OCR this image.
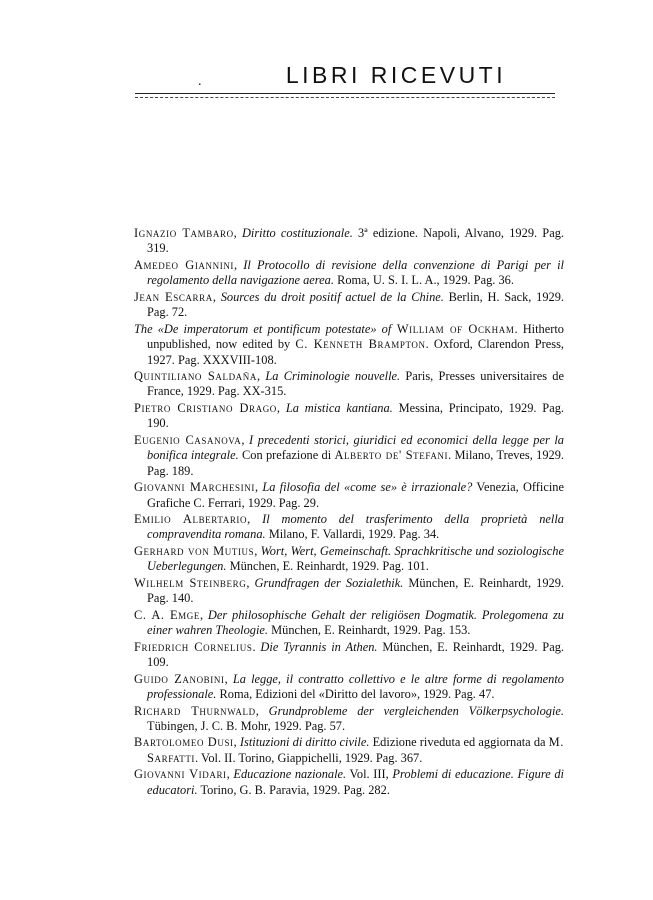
.	LIBRI RICEVUTI

Ignazio Tambaro, Diritto costituzionale. 3ª edizione. Napoli, Alvano, 1929. Pag. 319.

Amedeo Giannini, Il Protocollo di revisione della convenzione di Parigi per il regolamento della navigazione aerea. Roma, U. S. I. L. A., 1929. Pag. 36.

Jean Escarra, Sources du droit positif actuel de la Chine. Berlin, H. Sack, 1929. Pag. 72.

The «De imperatorum et pontificum potestate» of William of Ockham. Hitherto unpublished, now edited by C. Kenneth Brampton. Oxford, Clarendon Press, 1927. Pag. XXXVIII-108.

Quintiliano Saldaña, La Criminologie nouvelle. Paris, Presses universitaires de France, 1929. Pag. XX-315.

Pietro Cristiano Drago, La mistica kantiana. Messina, Principato, 1929. Pag. 190.

Eugenio Casanova, I precedenti storici, giuridici ed economici della legge per la bonifica integrale. Con prefazione di Alberto de' Stefani. Milano, Treves, 1929. Pag. 189.

Giovanni Marchesini, La filosofia del «come se» è irrazionale? Venezia, Officine Grafiche C. Ferrari, 1929. Pag. 29.

Emilio Albertario, Il momento del trasferimento della proprietà nella compravendita romana. Milano, F. Vallardi, 1929. Pag. 34.

Gerhard von Mutius, Wort, Wert, Gemeinschaft. Sprachkritische und soziologische Ueberlegungen. München, E. Reinhardt, 1929. Pag. 101.

Wilhelm Steinberg, Grundfragen der Sozialethik. München, E. Reinhardt, 1929. Pag. 140.

C. A. Emge, Der philosophische Gehalt der religiösen Dogmatik. Prolegomena zu einer wahren Theologie. München, E. Reinhardt, 1929. Pag. 153.

Friedrich Cornelius. Die Tyrannis in Athen. München, E. Reinhardt, 1929. Pag. 109.

Guido Zanobini, La legge, il contratto collettivo e le altre forme di regolamento professionale. Roma, Edizioni del «Diritto del lavoro», 1929. Pag. 47.

Richard Thurnwald, Grundprobleme der vergleichenden Völkerpsychologie. Tübingen, J. C. B. Mohr, 1929. Pag. 57.

Bartolomeo Dusi, Istituzioni di diritto civile. Edizione riveduta ed aggiornata da M. Sarfatti. Vol. II. Torino, Giappichelli, 1929. Pag. 367.

Giovanni Vidari, Educazione nazionale. Vol. III, Problemi di educazione. Figure di educatori. Torino, G. B. Paravia, 1929. Pag. 282.
